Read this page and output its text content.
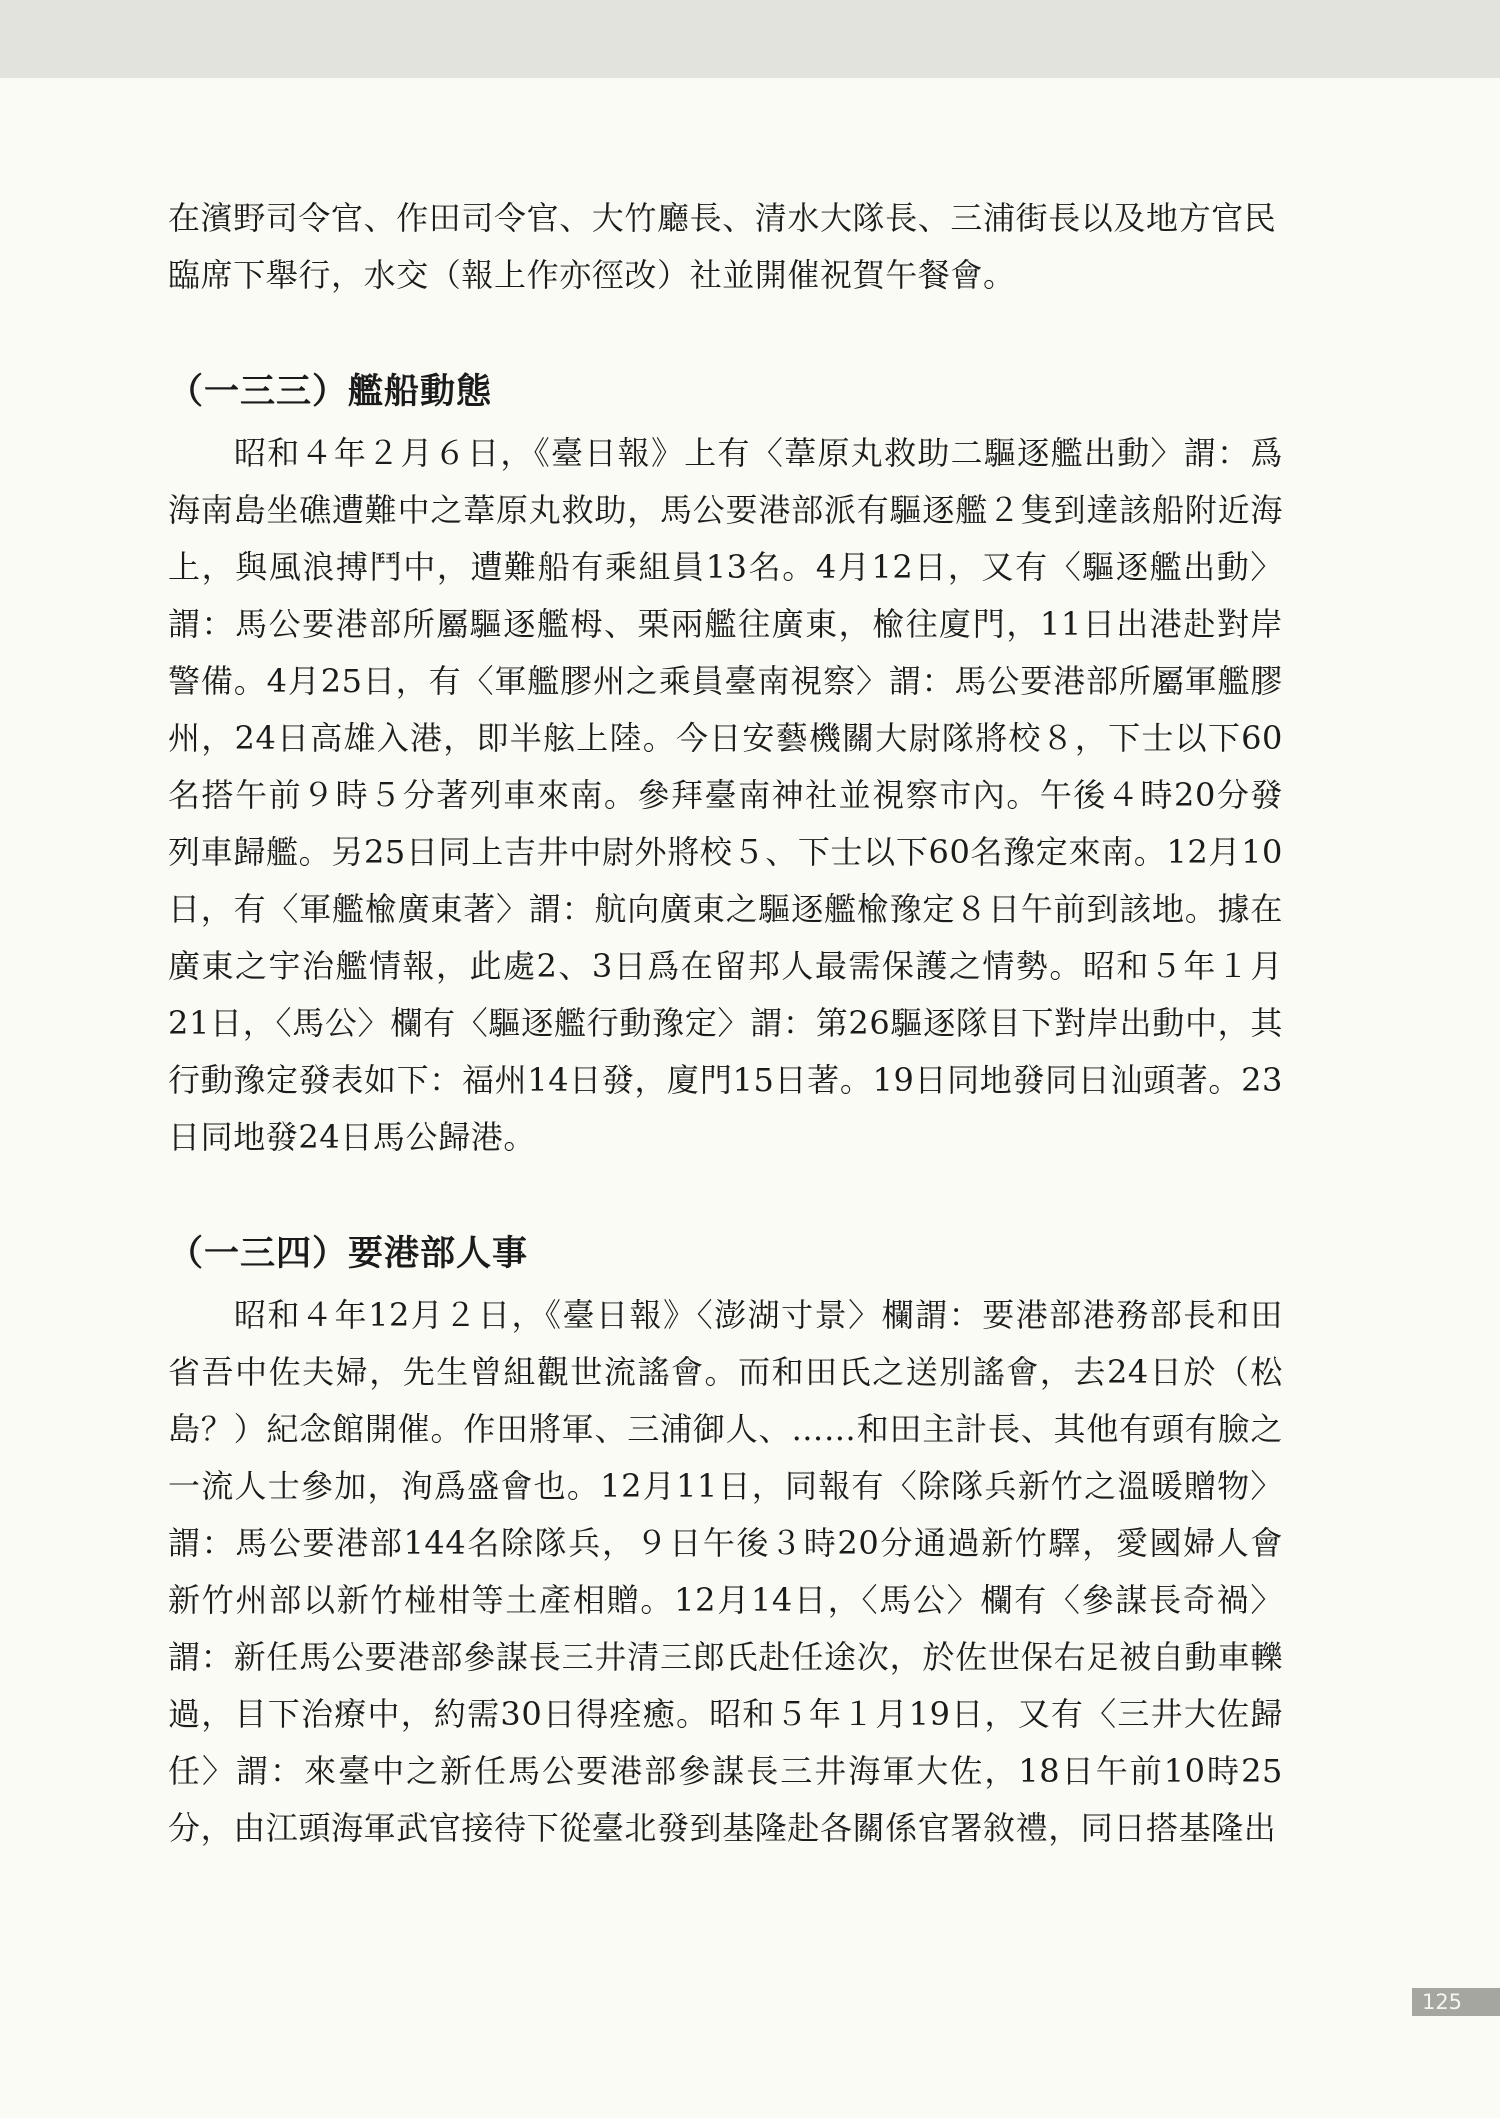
在濱野司令官、作田司令官、大竹廳長、清水大隊長、三浦街長以及地方官民
臨席下舉行，水交（報上作亦徑改）社並開催祝賀午餐會。

（一三三）艦船動態

昭和４年２月６日，《臺日報》上有〈葦原丸救助二驅逐艦出動〉謂：爲海南島坐礁遭難中之葦原丸救助，馬公要港部派有驅逐艦２隻到達該船附近海上，與風浪搏鬥中，遭難船有乘組員13名。4月12日，又有〈驅逐艦出動〉謂：馬公要港部所屬驅逐艦栂、栗兩艦往廣東，楡往廈門，11日出港赴對岸警備。4月25日，有〈軍艦膠州之乘員臺南視察〉謂：馬公要港部所屬軍艦膠州，24日高雄入港，即半舷上陸。今日安藝機關大尉隊將校８，下士以下60名搭午前９時５分著列車來南。參拜臺南神社並視察市內。午後４時20分發列車歸艦。另25日同上吉井中尉外將校５、下士以下60名豫定來南。12月10日，有〈軍艦楡廣東著〉謂：航向廣東之驅逐艦楡豫定８日午前到該地。據在廣東之宇治艦情報，此處2、3日爲在留邦人最需保護之情勢。昭和５年１月21日，〈馬公〉欄有〈驅逐艦行動豫定〉謂：第26驅逐隊目下對岸出動中，其行動豫定發表如下：福州14日發，廈門15日著。19日同地發同日汕頭著。23日同地發24日馬公歸港。

（一三四）要港部人事

昭和４年12月２日，《臺日報》〈澎湖寸景〉欄謂：要港部港務部長和田省吾中佐夫婦，先生曾組觀世流謠會。而和田氏之送別謠會，去24日於（松島？）紀念館開催。作田將軍、三浦御人、……和田主計長、其他有頭有臉之一流人士參加，洵爲盛會也。12月11日，同報有〈除隊兵新竹之溫暖贈物〉謂：馬公要港部144名除隊兵，９日午後３時20分通過新竹驛，愛國婦人會新竹州部以新竹椪柑等土產相贈。12月14日，〈馬公〉欄有〈參謀長奇禍〉謂：新任馬公要港部參謀長三井清三郎氏赴任途次，於佐世保右足被自動車轢過，目下治療中，約需30日得痊癒。昭和５年１月19日，又有〈三井大佐歸任〉謂：來臺中之新任馬公要港部參謀長三井海軍大佐，18日午前10時25分，由江頭海軍武官接待下從臺北發到基隆赴各關係官署敘禮，同日搭基隆出

125
